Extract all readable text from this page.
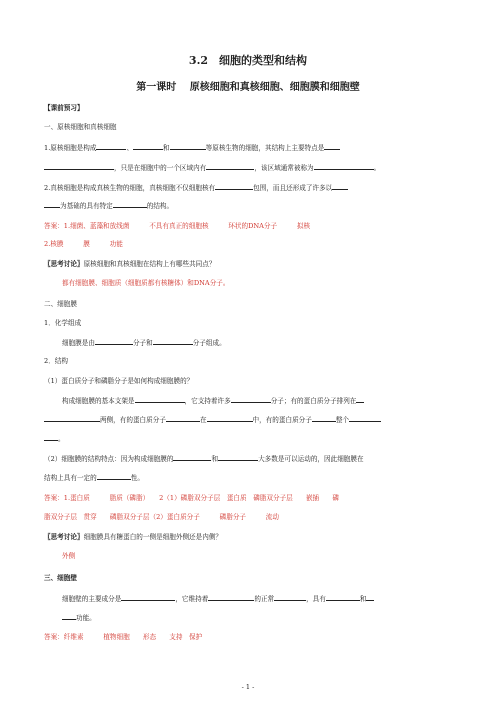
3.2　细胞的类型和结构
第一课时　 原核细胞和真核细胞、细胞膜和细胞壁
【课前预习】
一、原核细胞和真核细胞
1.原核细胞是构成	、	和	等原核生物的细胞，其结构上主要特点是
，只是在细胞中的一个区域内有	，该区域通常被称为	。
2.真核细胞是构成真核生物的细胞，真核细胞不仅细胞核有	包围，而且还形成了许多以
为基础的具有特定	的结构。
答案：1.细菌、蓝藻和放线菌　　　不具有真正的细胞核　　　环状的DNA分子　　　拟核
2.核膜　　　膜　　　功能
〖思考讨论〗原核细胞和真核细胞在结构上有哪些共同点？
都有细胞膜、细胞质（细胞质都有核糖体）和DNA分子。
二、细胞膜
1．化学组成
细胞膜是由	分子和	分子组成。
2．结构
（1）蛋白质分子和磷脂分子是如何构成细胞膜的？
构成细胞膜的基本支架是	，它支持着许多	分子；有的蛋白质分子排列在
两侧，有的蛋白质分子	在	中，有的蛋白质分子	整个
。
（2）细胞膜的结构特点：因为构成细胞膜的	和	大多数是可以运动的，因此细胞膜在
结构上具有一定的	性。
答案：1.蛋白质　　　脂质（磷脂）　　2（1）磷脂双分子层　蛋白质　磷脂双分子层　　嵌插　　磷
脂双分子层　贯穿　　磷脂双分子层（2）蛋白质分子　　　磷脂分子　　　流动
〖思考讨论〗细胞膜具有糖蛋白的一侧是细胞外侧还是内侧？
外侧
三、细胞壁
细胞壁的主要成分是	，它维持着	的正常	，具有	和
功能。
答案：纤维素　　　植物细胞　　形态　　支持　保护
- 1 -
